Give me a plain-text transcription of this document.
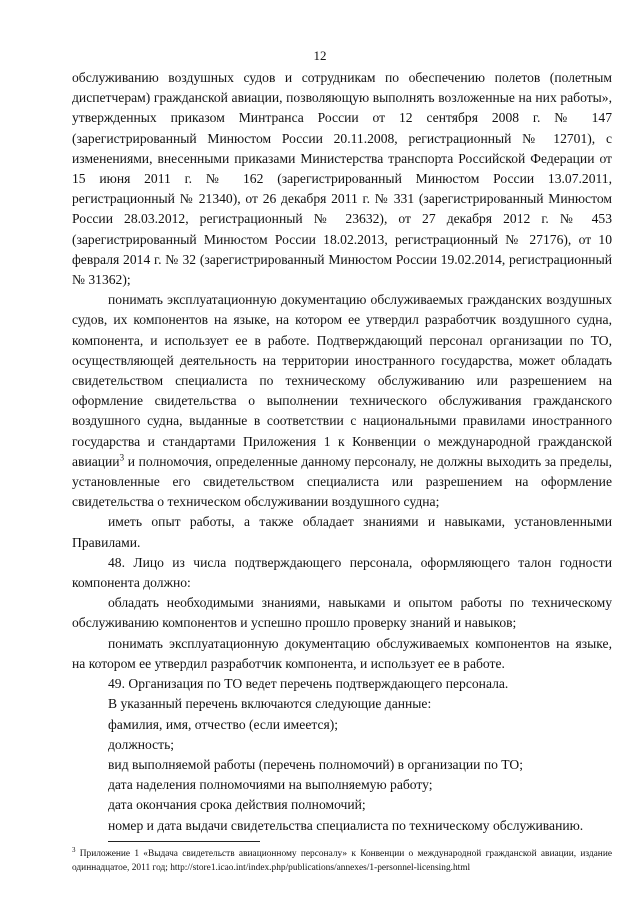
12

обслуживанию воздушных судов и сотрудникам по обеспечению полетов (полетным диспетчерам) гражданской авиации, позволяющую выполнять возложенные на них работы», утвержденных приказом Минтранса России от 12 сентября 2008 г. № 147 (зарегистрированный Минюстом России 20.11.2008, регистрационный № 12701), с изменениями, внесенными приказами Министерства транспорта Российской Федерации от 15 июня 2011 г. № 162 (зарегистрированный Минюстом России 13.07.2011, регистрационный № 21340), от 26 декабря 2011 г. № 331 (зарегистрированный Минюстом России 28.03.2012, регистрационный № 23632), от 27 декабря 2012 г. № 453 (зарегистрированный Минюстом России 18.02.2013, регистрационный № 27176), от 10 февраля 2014 г. № 32 (зарегистрированный Минюстом России 19.02.2014, регистрационный № 31362);

понимать эксплуатационную документацию обслуживаемых гражданских воздушных судов, их компонентов на языке, на котором ее утвердил разработчик воздушного судна, компонента, и использует ее в работе. Подтверждающий персонал организации по ТО, осуществляющей деятельность на территории иностранного государства, может обладать свидетельством специалиста по техническому обслуживанию или разрешением на оформление свидетельства о выполнении технического обслуживания гражданского воздушного судна, выданные в соответствии с национальными правилами иностранного государства и стандартами Приложения 1 к Конвенции о международной гражданской авиации$^3$ и полномочия, определенные данному персоналу, не должны выходить за пределы, установленные его свидетельством специалиста или разрешением на оформление свидетельства о техническом обслуживании воздушного судна;

иметь опыт работы, а также обладает знаниями и навыками, установленными Правилами.

48. Лицо из числа подтверждающего персонала, оформляющего талон годности компонента должно:

обладать необходимыми знаниями, навыками и опытом работы по техническому обслуживанию компонентов и успешно прошло проверку знаний и навыков;

понимать эксплуатационную документацию обслуживаемых компонентов на языке, на котором ее утвердил разработчик компонента, и использует ее в работе.

49. Организация по ТО ведет перечень подтверждающего персонала.

В указанный перечень включаются следующие данные:

фамилия, имя, отчество (если имеется);

должность;

вид выполняемой работы (перечень полномочий) в организации по ТО;

дата наделения полномочиями на выполняемую работу;

дата окончания срока действия полномочий;

номер и дата выдачи свидетельства специалиста по техническому обслуживанию.

$^3$ Приложение 1 «Выдача свидетельств авиационному персоналу» к Конвенции о международной гражданской авиации, издание одиннадцатое, 2011 год; http://store1.icao.int/index.php/publications/annexes/1-personnel-licensing.html
